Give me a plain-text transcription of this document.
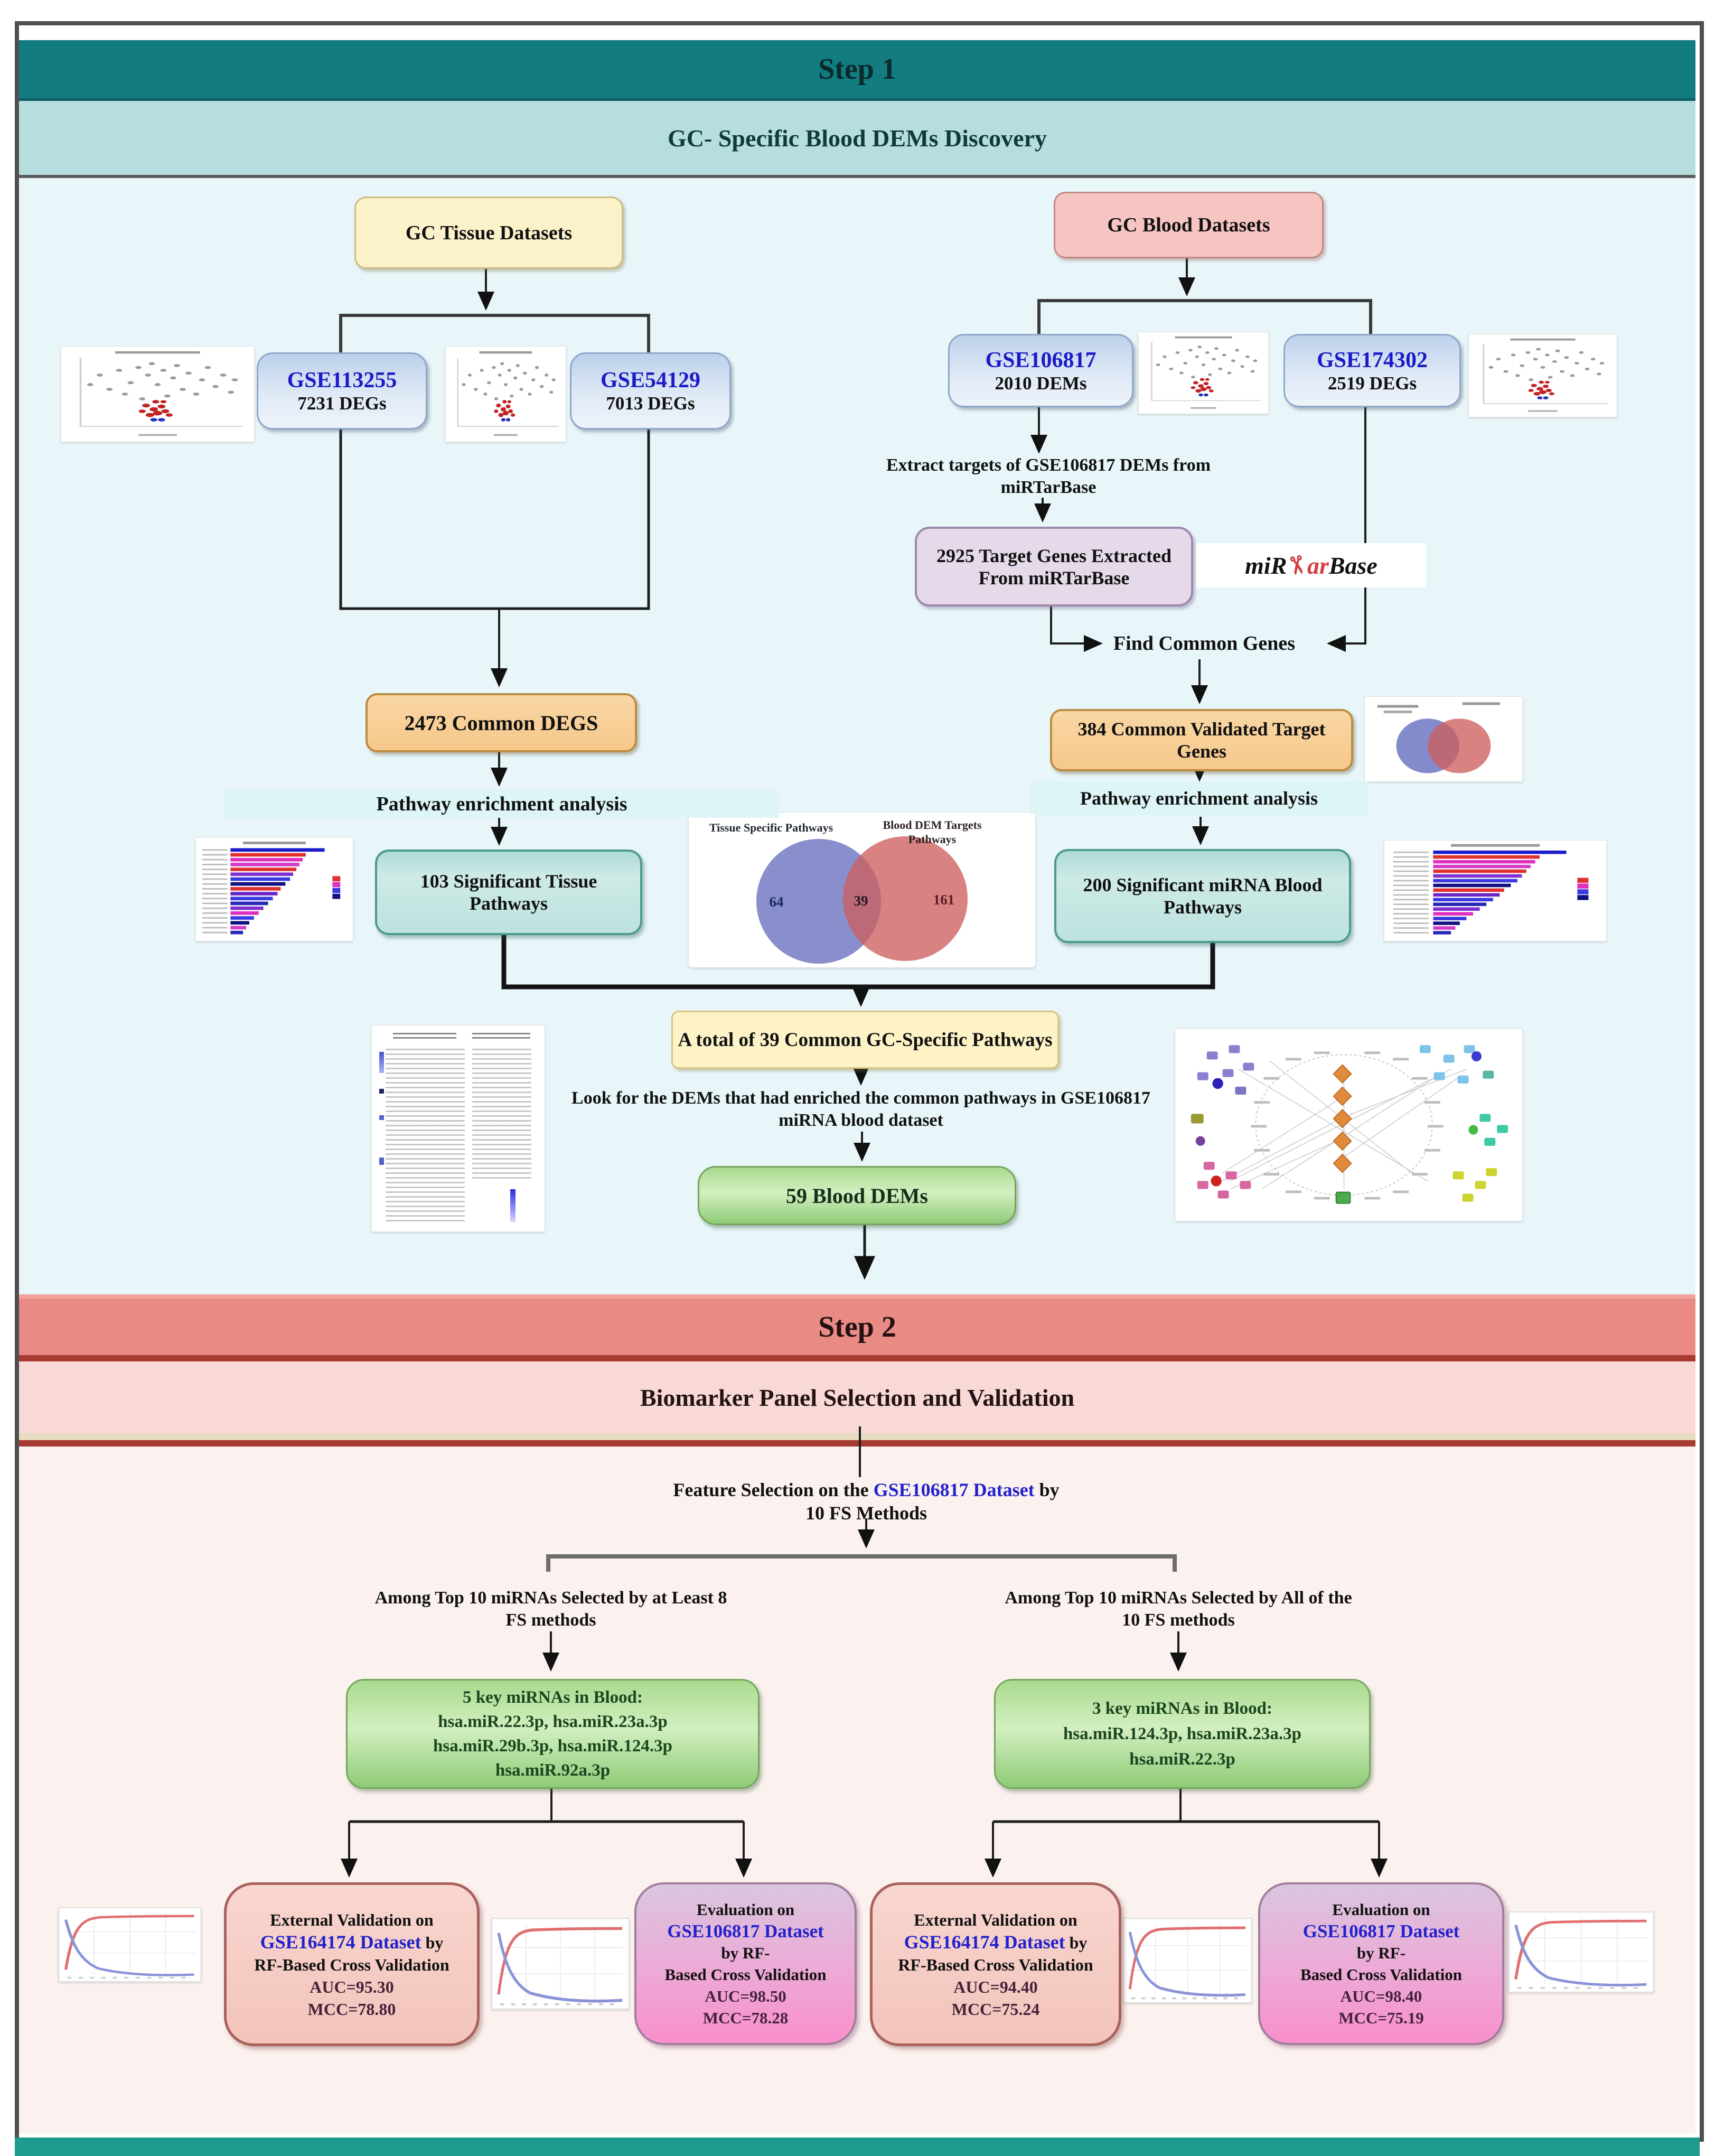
Step 1
GC- Specific Blood DEMs Discovery
Step 2
Biomarker Panel Selection and Validation
GC Tissue Datasets
GSE113255
7231 DEGs
GSE54129
7013 DEGs
2473 Common DEGS
Pathway enrichment analysis
103 Significant Tissue
Pathways
GC Blood Datasets
GSE106817
2010 DEMs
GSE174302
2519 DEGs
Extract targets of GSE106817 DEMs from
miRTarBase
2925 Target Genes Extracted
From miRTarBase	miR✂arBase
Find Common Genes
384 Common Validated Target
Genes
Pathway enrichment analysis
200 Significant miRNA Blood
Pathways
Tissue Specific Pathways	Blood DEM Targets
Pathways
64	39	161
A total of 39 Common GC-Specific Pathways
Look for the DEMs that had enriched the common pathways in GSE106817
miRNA blood dataset
59 Blood DEMs
Feature Selection on the GSE106817 Dataset by
10 FS Methods
Among Top 10 miRNAs Selected by at Least 8
FS methods
Among Top 10 miRNAs Selected by All of the
10 FS methods
5 key miRNAs in Blood:
hsa.miR.22.3p, hsa.miR.23a.3p
hsa.miR.29b.3p, hsa.miR.124.3p
hsa.miR.92a.3p
3 key miRNAs in Blood:
hsa.miR.124.3p, hsa.miR.23a.3p
hsa.miR.22.3p
External Validation on
GSE164174 Dataset by
RF-Based Cross Validation
AUC=95.30
MCC=78.80
Evaluation on
GSE106817 Dataset
by RF-
Based Cross Validation
AUC=98.50
MCC=78.28
External Validation on
GSE164174 Dataset by
RF-Based Cross Validation
AUC=94.40
MCC=75.24
Evaluation on
GSE106817 Dataset
by RF-
Based Cross Validation
AUC=98.40
MCC=75.19
